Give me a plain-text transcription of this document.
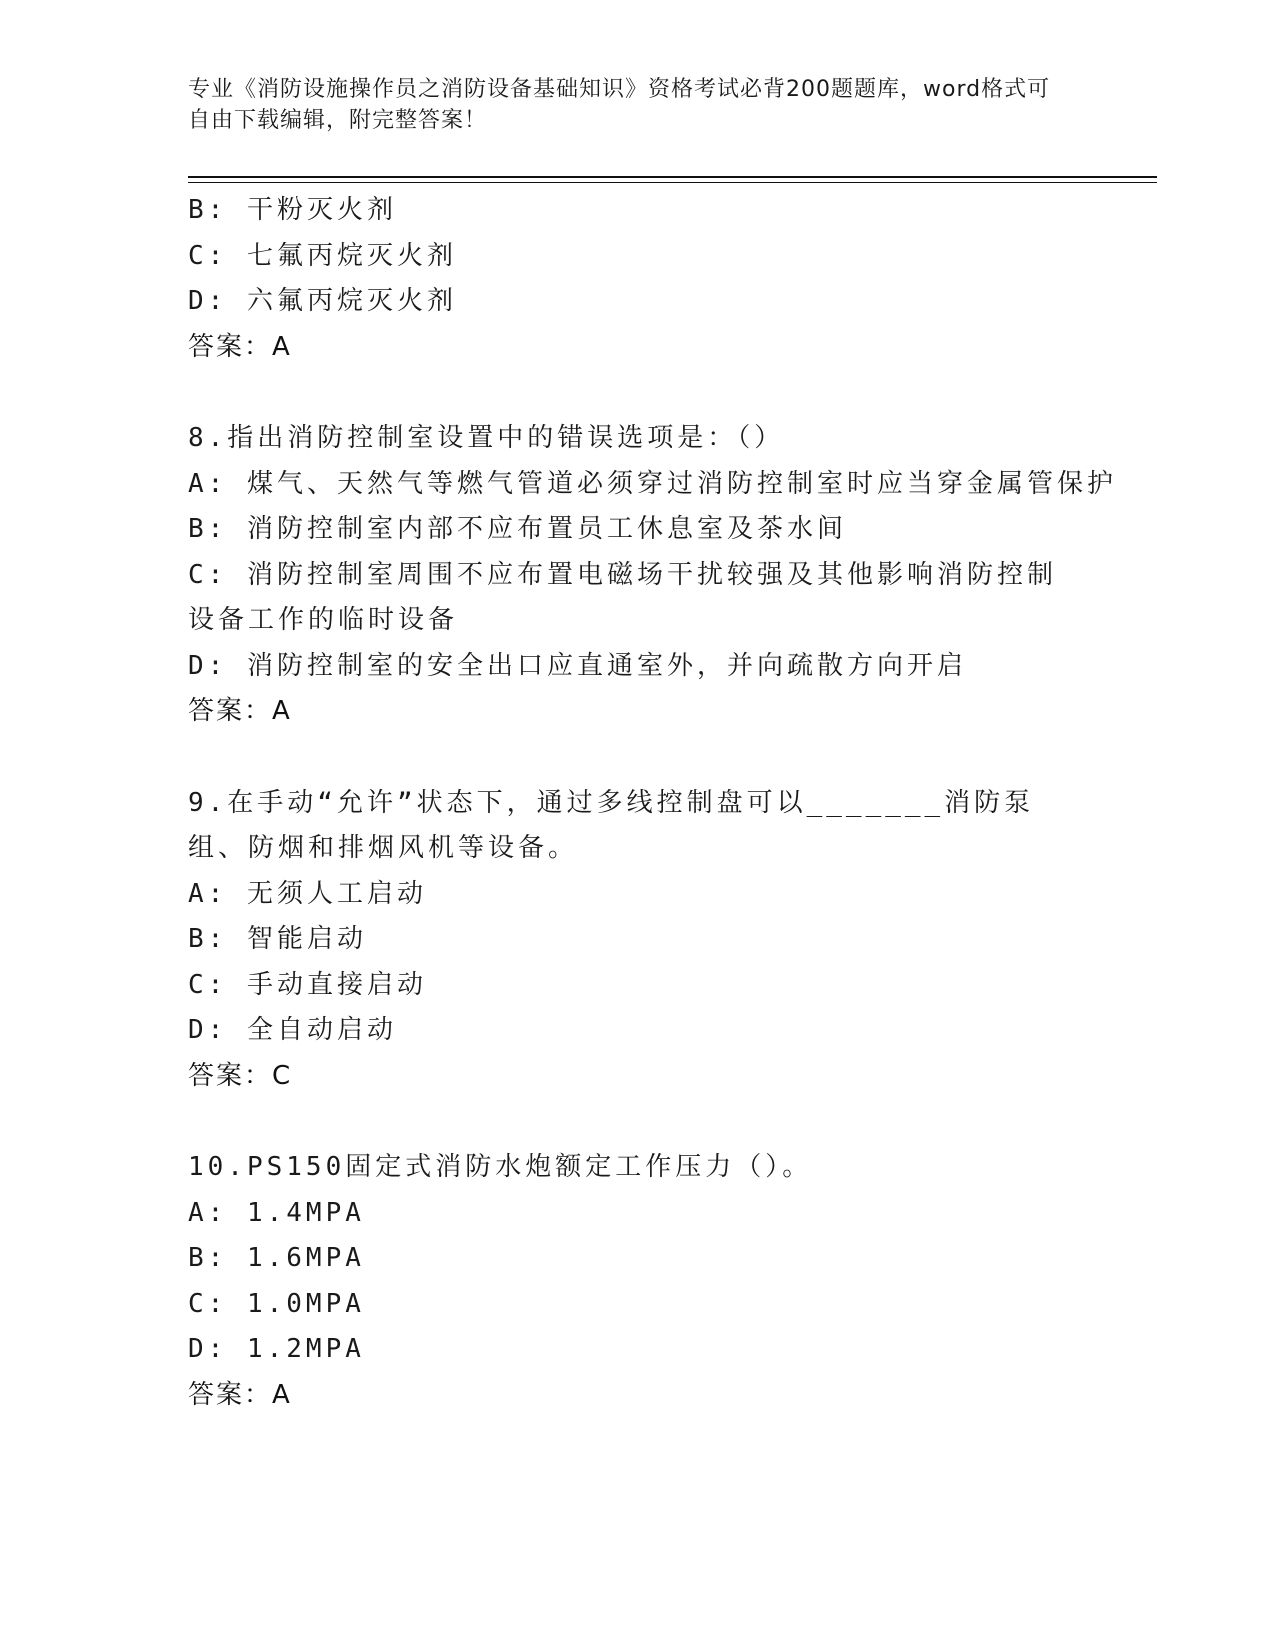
专业《消防设施操作员之消防设备基础知识》资格考试必背200题题库，word格式可自由下载编辑，附完整答案！
B: 干粉灭火剂
C: 七氟丙烷灭火剂
D: 六氟丙烷灭火剂
答案：A
8.指出消防控制室设置中的错误选项是：（）
A: 煤气、天然气等燃气管道必须穿过消防控制室时应当穿金属管保护
B: 消防控制室内部不应布置员工休息室及茶水间
C: 消防控制室周围不应布置电磁场干扰较强及其他影响消防控制设备工作的临时设备
D: 消防控制室的安全出口应直通室外，并向疏散方向开启
答案：A
9.在手动“允许”状态下，通过多线控制盘可以_______消防泵组、防烟和排烟风机等设备。
A: 无须人工启动
B: 智能启动
C: 手动直接启动
D: 全自动启动
答案：C
10.PS150固定式消防水炮额定工作压力（）。
A: 1.4MPA
B: 1.6MPA
C: 1.0MPA
D: 1.2MPA
答案：A
